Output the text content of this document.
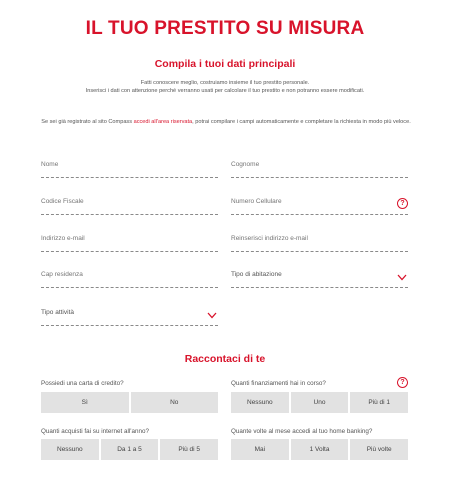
IL TUO PRESTITO SU MISURA
Compila i tuoi dati principali
Fatti conoscere meglio, costruiamo insieme il tuo prestito personale.
Inserisci i dati con attenzione perché verranno usati per calcolare il tuo prestito e non potranno essere modificati.
Se sei già registrato al sito Compass accedi all'area riservata, potrai compilare i campi automaticamente e completare la richiesta in modo più veloce.
Nome
Cognome
Codice Fiscale
Numero Cellulare
?
Indirizzo e-mail
Reinserisci indirizzo e-mail
Cap residenza
Tipo di abitazione
Tipo attività
Raccontaci di te
Possiedi una carta di credito?
Sì	No
Quanti finanziamenti hai in corso?	?
Nessuno	Uno	Più di 1
Quanti acquisti fai su internet all'anno?
Nessuno	Da 1 a 5	Più di 5
Quante volte al mese accedi al tuo home banking?
Mai	1 Volta	Più volte
